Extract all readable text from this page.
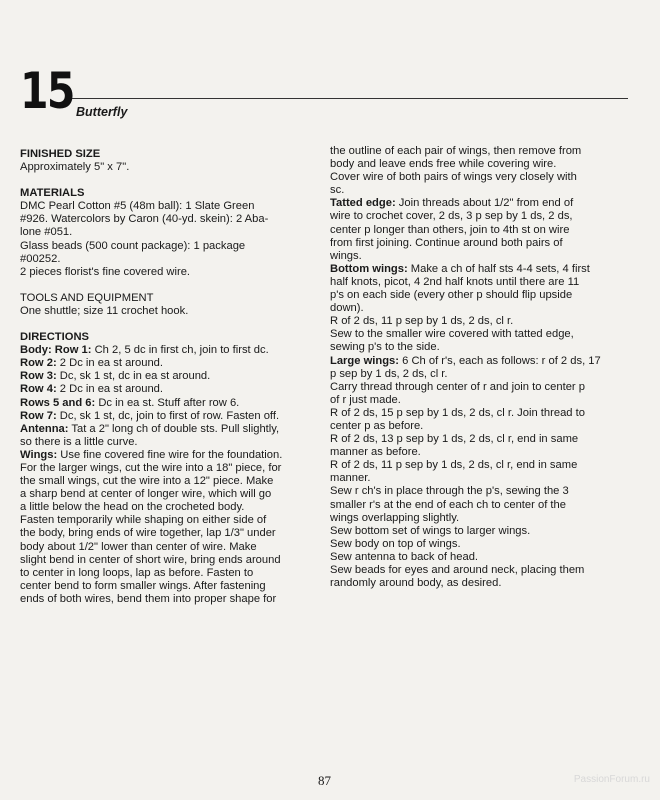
15 Butterfly
FINISHED SIZE
Approximately 5" x 7".
MATERIALS
DMC Pearl Cotton #5 (48m ball): 1 Slate Green
#926. Watercolors by Caron (40-yd. skein): 2 Aba-
lone #051.
Glass beads (500 count package): 1 package
#00252.
2 pieces florist's fine covered wire.
TOOLS AND EQUIPMENT
One shuttle; size 11 crochet hook.
DIRECTIONS
Body: Row 1: Ch 2, 5 dc in first ch, join to first dc.
Row 2: 2 Dc in ea st around.
Row 3: Dc, sk 1 st, dc in ea st around.
Row 4: 2 Dc in ea st around.
Rows 5 and 6: Dc in ea st. Stuff after row 6.
Row 7: Dc, sk 1 st, dc, join to first of row. Fasten off.
Antenna: Tat a 2" long ch of double sts. Pull slightly,
so there is a little curve.
Wings: Use fine covered fine wire for the foundation.
For the larger wings, cut the wire into a 18" piece, for
the small wings, cut the wire into a 12" piece. Make
a sharp bend at center of longer wire, which will go
a little below the head on the crocheted body.
Fasten temporarily while shaping on either side of
the body, bring ends of wire together, lap 1/3" under
body about 1/2" lower than center of wire. Make
slight bend in center of short wire, bring ends around
to center in long loops, lap as before. Fasten to
center bend to form smaller wings. After fastening
ends of both wires, bend them into proper shape for
the outline of each pair of wings, then remove from
body and leave ends free while covering wire.
Cover wire of both pairs of wings very closely with
sc.
Tatted edge: Join threads about 1/2" from end of
wire to crochet cover, 2 ds, 3 p sep by 1 ds, 2 ds,
center p longer than others, join to 4th st on wire
from first joining. Continue around both pairs of
wings.
Bottom wings: Make a ch of half sts 4-4 sets, 4 first
half knots, picot, 4 2nd half knots until there are 11
p's on each side (every other p should flip upside
down).
R of 2 ds, 11 p sep by 1 ds, 2 ds, cl r.
Sew to the smaller wire covered with tatted edge,
sewing p's to the side.
Large wings: 6 Ch of r's, each as follows: r of 2 ds, 17
p sep by 1 ds, 2 ds, cl r.
Carry thread through center of r and join to center p
of r just made.
R of 2 ds, 15 p sep by 1 ds, 2 ds, cl r. Join thread to
center p as before.
R of 2 ds, 13 p sep by 1 ds, 2 ds, cl r, end in same
manner as before.
R of 2 ds, 11 p sep by 1 ds, 2 ds, cl r, end in same
manner.
Sew r ch's in place through the p's, sewing the 3
smaller r's at the end of each ch to center of the
wings overlapping slightly.
Sew bottom set of wings to larger wings.
Sew body on top of wings.
Sew antenna to back of head.
Sew beads for eyes and around neck, placing them
randomly around body, as desired.
87	PassionForum.ru
